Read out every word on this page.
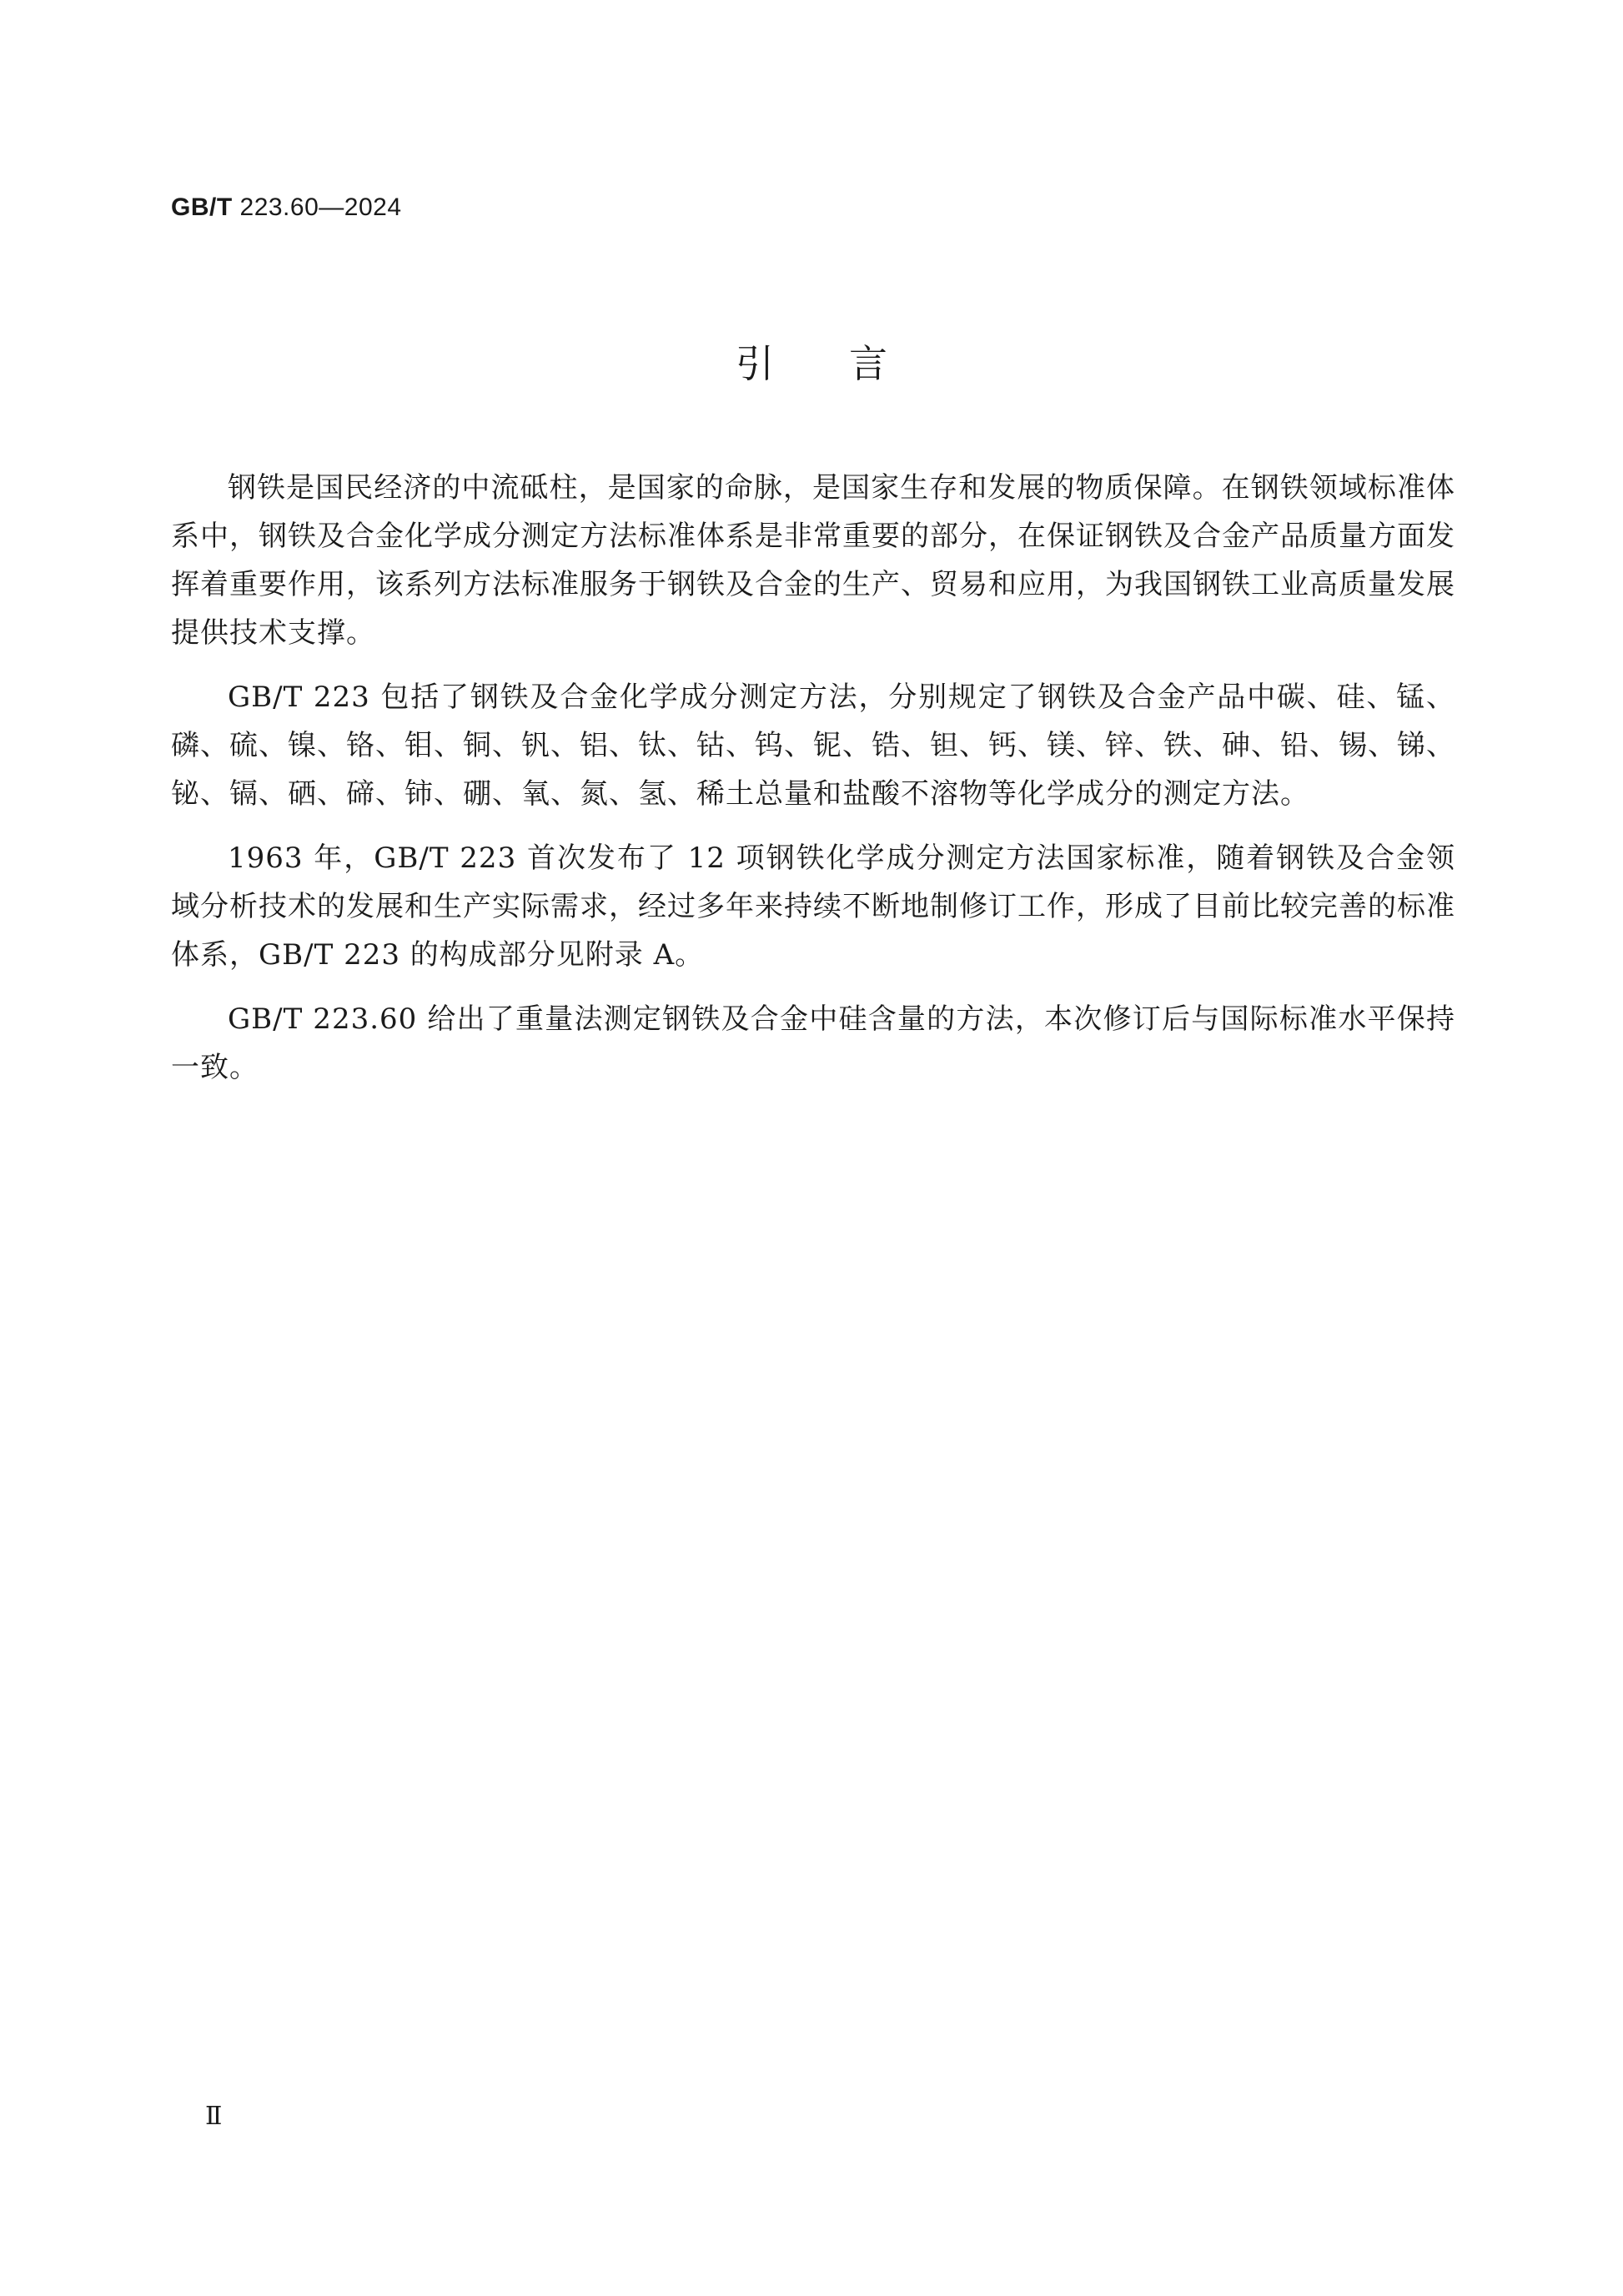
GB/T 223.60—2024
引言

钢铁是国民经济的中流砥柱，是国家的命脉，是国家生存和发展的物质保障。在钢铁领域标准体系中，钢铁及合金化学成分测定方法标准体系是非常重要的部分，在保证钢铁及合金产品质量方面发挥着重要作用，该系列方法标准服务于钢铁及合金的生产、贸易和应用，为我国钢铁工业高质量发展提供技术支撑。

GB/T 223 包括了钢铁及合金化学成分测定方法，分别规定了钢铁及合金产品中碳、硅、锰、磷、硫、镍、铬、钼、铜、钒、铝、钛、钴、钨、铌、锆、钽、钙、镁、锌、铁、砷、铅、锡、锑、铋、镉、硒、碲、铈、硼、氧、氮、氢、稀土总量和盐酸不溶物等化学成分的测定方法。

1963 年，GB/T 223 首次发布了 12 项钢铁化学成分测定方法国家标准，随着钢铁及合金领域分析技术的发展和生产实际需求，经过多年来持续不断地制修订工作，形成了目前比较完善的标准体系，GB/T 223 的构成部分见附录 A。

GB/T 223.60 给出了重量法测定钢铁及合金中硅含量的方法，本次修订后与国际标准水平保持一致。

Ⅱ
